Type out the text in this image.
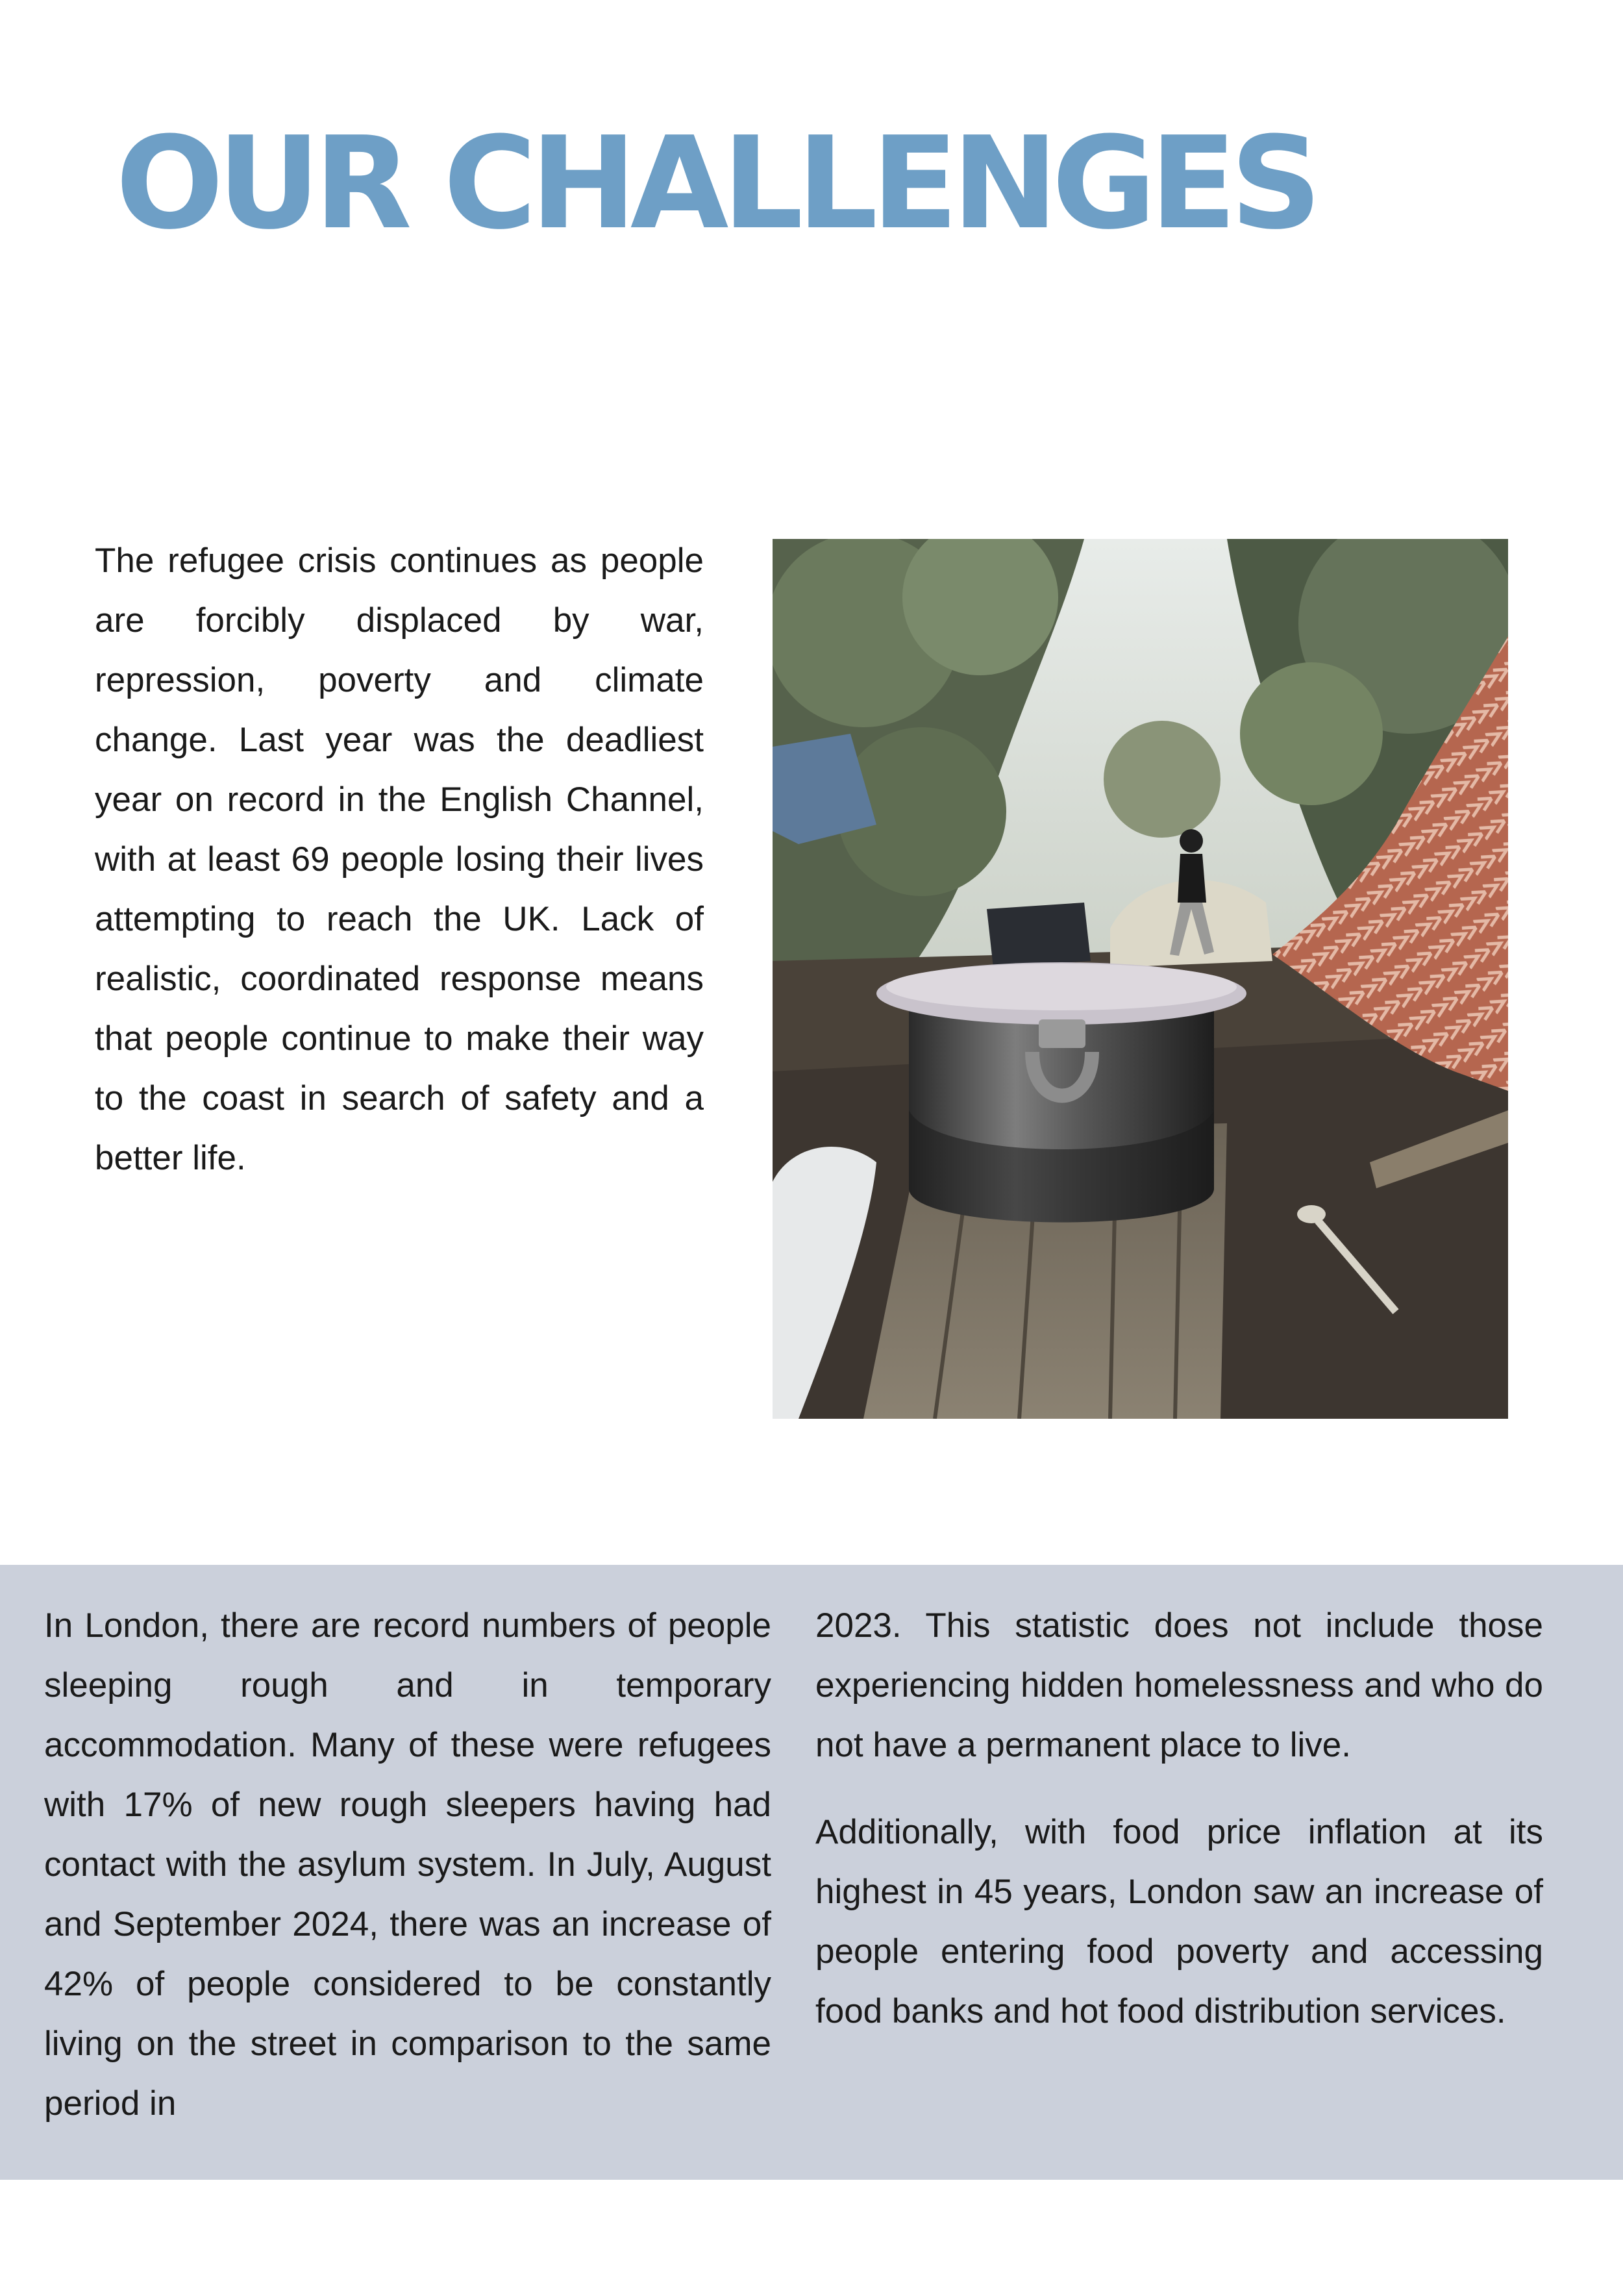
OUR CHALLENGES

The refugee crisis continues as people are forcibly displaced by war, repression, poverty and climate change. Last year was the deadliest year on record in the English Channel, with at least 69 people losing their lives attempting to reach the UK. Lack of realistic, coordinated response means that people continue to make their way to the coast in search of safety and a better life.

In London, there are record numbers of people sleeping rough and in temporary accommodation. Many of these were refugees with 17% of new rough sleepers having had contact with the asylum system. In July, August and September 2024, there was an increase of 42% of people considered to be constantly living on the street in comparison to the same period in

2023. This statistic does not include those experiencing hidden homelessness and who do not have a permanent place to live.

Additionally, with food price inflation at its highest in 45 years, London saw an increase of people entering food poverty and accessing food banks and hot food distribution services.
